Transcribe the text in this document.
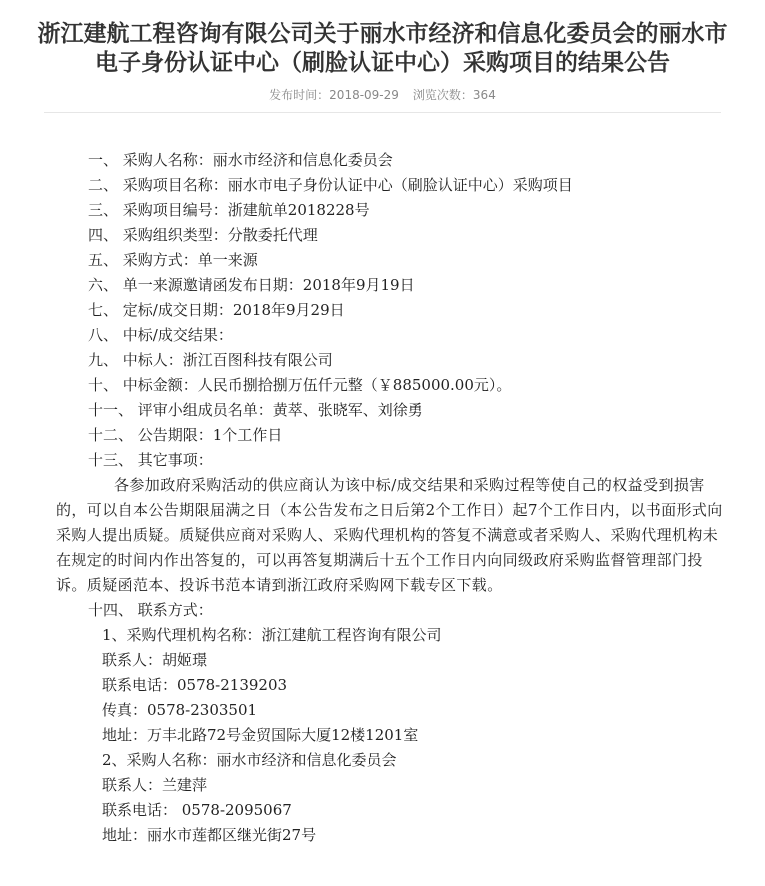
浙江建航工程咨询有限公司关于丽水市经济和信息化委员会的丽水市
电子身份认证中心（刷脸认证中心）采购项目的结果公告
发布时间：2018-09-29 浏览次数：364
一、 采购人名称：丽水市经济和信息化委员会
二、 采购项目名称：丽水市电子身份认证中心（刷脸认证中心）采购项目
三、 采购项目编号：浙建航单2018228号
四、 采购组织类型：分散委托代理
五、 采购方式：单一来源
六、 单一来源邀请函发布日期：2018年9月19日
七、 定标/成交日期：2018年9月29日
八、 中标/成交结果：
九、 中标人：浙江百图科技有限公司
十、 中标金额：人民币捌拾捌万伍仟元整（￥885000.00元）。
十一、 评审小组成员名单：黄萃、张晓军、刘徐勇
十二、 公告期限：1个工作日
十三、 其它事项：
各参加政府采购活动的供应商认为该中标/成交结果和采购过程等使自己的权益受到损害的，可以自本公告期限届满之日（本公告发布之日后第2个工作日）起7个工作日内，以书面形式向采购人提出质疑。质疑供应商对采购人、采购代理机构的答复不满意或者采购人、采购代理机构未在规定的时间内作出答复的，可以再答复期满后十五个工作日内向同级政府采购监督管理部门投诉。质疑函范本、投诉书范本请到浙江政府采购网下载专区下载。
十四、 联系方式：
1、采购代理机构名称：浙江建航工程咨询有限公司
联系人：胡姬璟
联系电话：0578-2139203
传真：0578-2303501
地址：万丰北路72号金贸国际大厦12楼1201室
2、采购人名称：丽水市经济和信息化委员会
联系人：兰建萍
联系电话： 0578-2095067
地址：丽水市莲都区继光街27号
